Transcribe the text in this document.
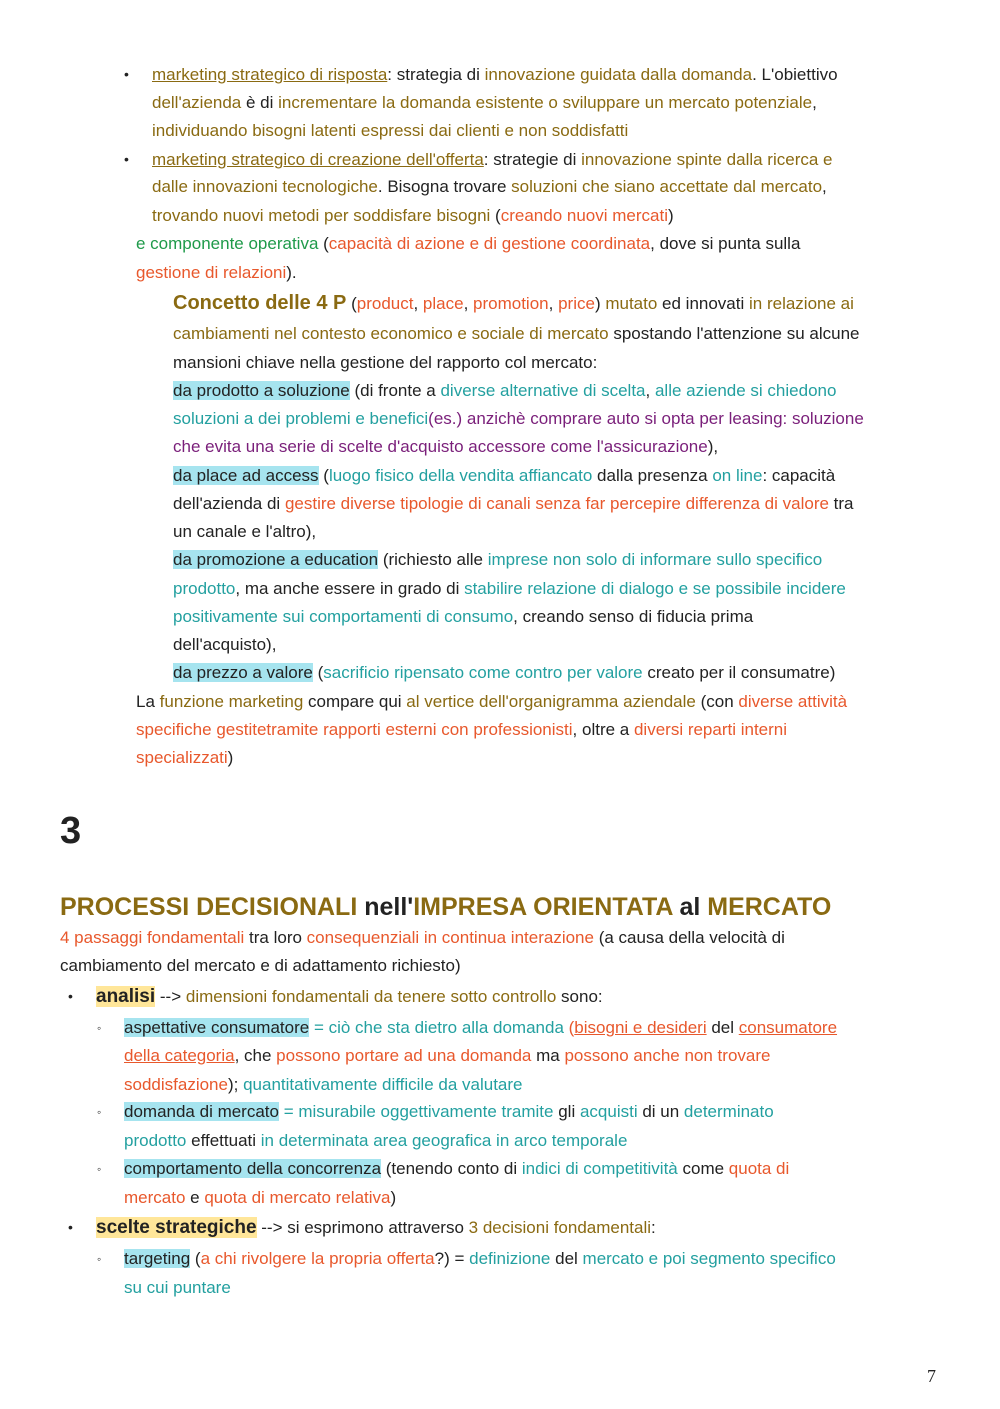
• marketing strategico di risposta: strategia di innovazione guidata dalla domanda. L'obiettivo
dell'azienda è di incrementare la domanda esistente o sviluppare un mercato potenziale,
individuando bisogni latenti espressi dai clienti e non soddisfatti
• marketing strategico di creazione dell'offerta: strategie di innovazione spinte dalla ricerca e
dalle innovazioni tecnologiche. Bisogna trovare soluzioni che siano accettate dal mercato,
trovando nuovi metodi per soddisfare bisogni (creando nuovi mercati)
e componente operativa (capacità di azione e di gestione coordinata, dove si punta sulla
gestione di relazioni).
Concetto delle 4 P (product, place, promotion, price) mutato ed innovati in relazione ai
cambiamenti nel contesto economico e sociale di mercato spostando l'attenzione su alcune
mansioni chiave nella gestione del rapporto col mercato:
da prodotto a soluzione (di fronte a diverse alternative di scelta, alle aziende si chiedono
soluzioni a dei problemi e benefici(es.) anzichè comprare auto si opta per leasing: soluzione
che evita una serie di scelte d'acquisto accessore come l'assicurazione),
da place ad access (luogo fisico della vendita affiancato dalla presenza on line: capacità
dell'azienda di gestire diverse tipologie di canali senza far percepire differenza di valore tra
un canale e l'altro),
da promozione a education (richiesto alle imprese non solo di informare sullo specifico
prodotto, ma anche essere in grado di stabilire relazione di dialogo e se possibile incidere
positivamente sui comportamenti di consumo, creando senso di fiducia prima
dell'acquisto),
da prezzo a valore (sacrificio ripensato come contro per valore creato per il consumatre)
La funzione marketing compare qui al vertice dell'organigramma aziendale (con diverse attività
specifiche gestitetramite rapporti esterni con professionisti, oltre a diversi reparti interni
specializzati)
3
PROCESSI DECISIONALI nell'IMPRESA ORIENTATA al MERCATO
4 passaggi fondamentali tra loro consequenziali in continua interazione (a causa della velocità di
cambiamento del mercato e di adattamento richiesto)
• analisi --> dimensioni fondamentali da tenere sotto controllo sono:
◦ aspettative consumatore = ciò che sta dietro alla domanda (bisogni e desideri del consumatore
della categoria, che possono portare ad una domanda ma possono anche non trovare
soddisfazione); quantitativamente difficile da valutare
◦ domanda di mercato = misurabile oggettivamente tramite gli acquisti di un determinato
prodotto effettuati in determinata area geografica in arco temporale
◦ comportamento della concorrenza (tenendo conto di indici di competitività come quota di
mercato e quota di mercato relativa)
• scelte strategiche --> si esprimono attraverso 3 decisioni fondamentali:
◦ targeting (a chi rivolgere la propria offerta?) = definizione del mercato e poi segmento specifico
su cui puntare
7
